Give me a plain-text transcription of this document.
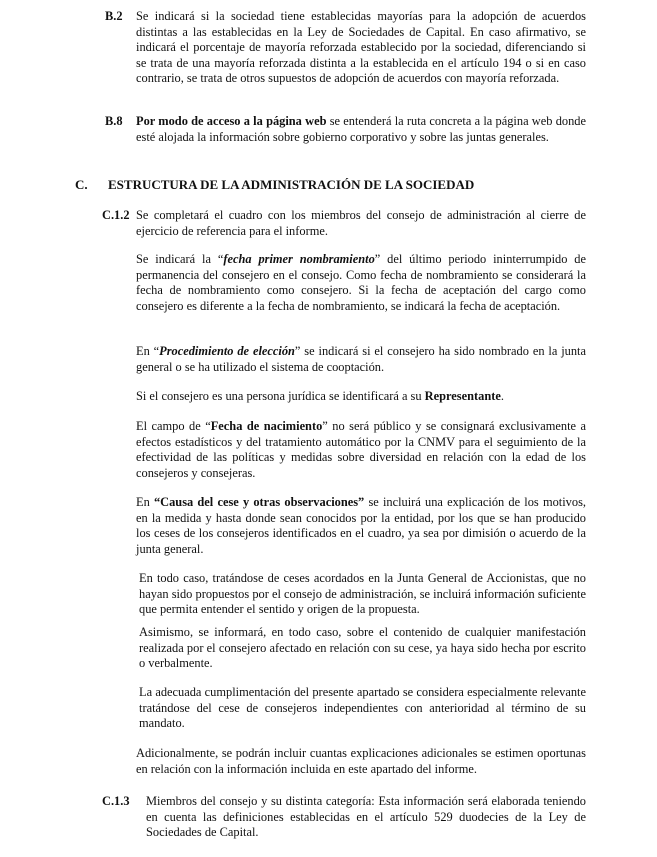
B.2 Se indicará si la sociedad tiene establecidas mayorías para la adopción de acuerdos distintas a las establecidas en la Ley de Sociedades de Capital. En caso afirmativo, se indicará el porcentaje de mayoría reforzada establecido por la sociedad, diferenciando si se trata de una mayoría reforzada distinta a la establecida en el artículo 194 o si en caso contrario, se trata de otros supuestos de adopción de acuerdos con mayoría reforzada.

B.8 Por modo de acceso a la página web se entenderá la ruta concreta a la página web donde esté alojada la información sobre gobierno corporativo y sobre las juntas generales.

C. ESTRUCTURA DE LA ADMINISTRACIÓN DE LA SOCIEDAD

C.1.2 Se completará el cuadro con los miembros del consejo de administración al cierre de ejercicio de referencia para el informe.

Se indicará la “fecha primer nombramiento” del último periodo ininterrumpido de permanencia del consejero en el consejo. Como fecha de nombramiento se considerará la fecha de nombramiento como consejero. Si la fecha de aceptación del cargo como consejero es diferente a la fecha de nombramiento, se indicará la fecha de aceptación.

En “Procedimiento de elección” se indicará si el consejero ha sido nombrado en la junta general o se ha utilizado el sistema de cooptación.

Si el consejero es una persona jurídica se identificará a su Representante.

El campo de “Fecha de nacimiento” no será público y se consignará exclusivamente a efectos estadísticos y del tratamiento automático por la CNMV para el seguimiento de la efectividad de las políticas y medidas sobre diversidad en relación con la edad de los consejeros y consejeras.

En “Causa del cese y otras observaciones” se incluirá una explicación de los motivos, en la medida y hasta donde sean conocidos por la entidad, por los que se han producido los ceses de los consejeros identificados en el cuadro, ya sea por dimisión o acuerdo de la junta general.

En todo caso, tratándose de ceses acordados en la Junta General de Accionistas, que no hayan sido propuestos por el consejo de administración, se incluirá información suficiente que permita entender el sentido y origen de la propuesta.

Asimismo, se informará, en todo caso, sobre el contenido de cualquier manifestación realizada por el consejero afectado en relación con su cese, ya haya sido hecha por escrito o verbalmente.

La adecuada cumplimentación del presente apartado se considera especialmente relevante tratándose del cese de consejeros independientes con anterioridad al término de su mandato.

Adicionalmente, se podrán incluir cuantas explicaciones adicionales se estimen oportunas en relación con la información incluida en este apartado del informe.

C.1.3 Miembros del consejo y su distinta categoría: Esta información será elaborada teniendo en cuenta las definiciones establecidas en el artículo 529 duodecies de la Ley de Sociedades de Capital.
